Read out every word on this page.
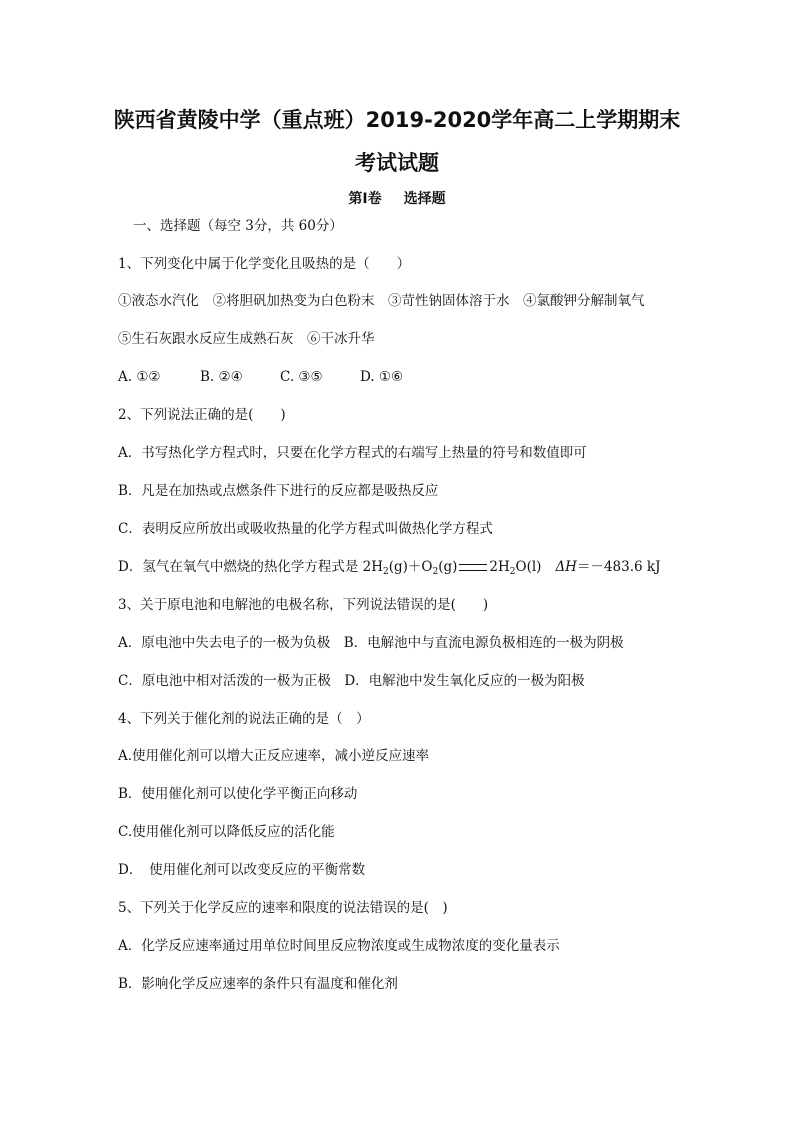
陕西省黄陵中学（重点班）2019-2020学年高二上学期期末
考试试题
第Ⅰ卷 选择题
一、选择题（每空 3分，共 60分）
1、下列变化中属于化学变化且吸热的是（　　）
①液态水汽化　②将胆矾加热变为白色粉末　③苛性钠固体溶于水　④氯酸钾分解制氧气
⑤生石灰跟水反应生成熟石灰　⑥干冰升华
A. ①②	B. ②④	C. ③⑤	D. ①⑥
2、下列说法正确的是(　　)
A．书写热化学方程式时，只要在化学方程式的右端写上热量的符号和数值即可
B．凡是在加热或点燃条件下进行的反应都是吸热反应
C．表明反应所放出或吸收热量的化学方程式叫做热化学方程式
D．氢气在氧气中燃烧的热化学方程式是 $2H_2(g)+O_2(g)$ $2H_2O(l)$ ΔH＝－483.6 kJ
3、关于原电池和电解池的电极名称，下列说法错误的是(　　)
A．原电池中失去电子的一极为负极　B．电解池中与直流电源负极相连的一极为阴极
C．原电池中相对活泼的一极为正极　D．电解池中发生氧化反应的一极为阳极
4、下列关于催化剂的说法正确的是（　）
A.使用催化剂可以增大正反应速率，减小逆反应速率
B．使用催化剂可以使化学平衡正向移动
C.使用催化剂可以降低反应的活化能
D．　使用催化剂可以改变反应的平衡常数
5、下列关于化学反应的速率和限度的说法错误的是(　)
A．化学反应速率通过用单位时间里反应物浓度或生成物浓度的变化量表示
B．影响化学反应速率的条件只有温度和催化剂
